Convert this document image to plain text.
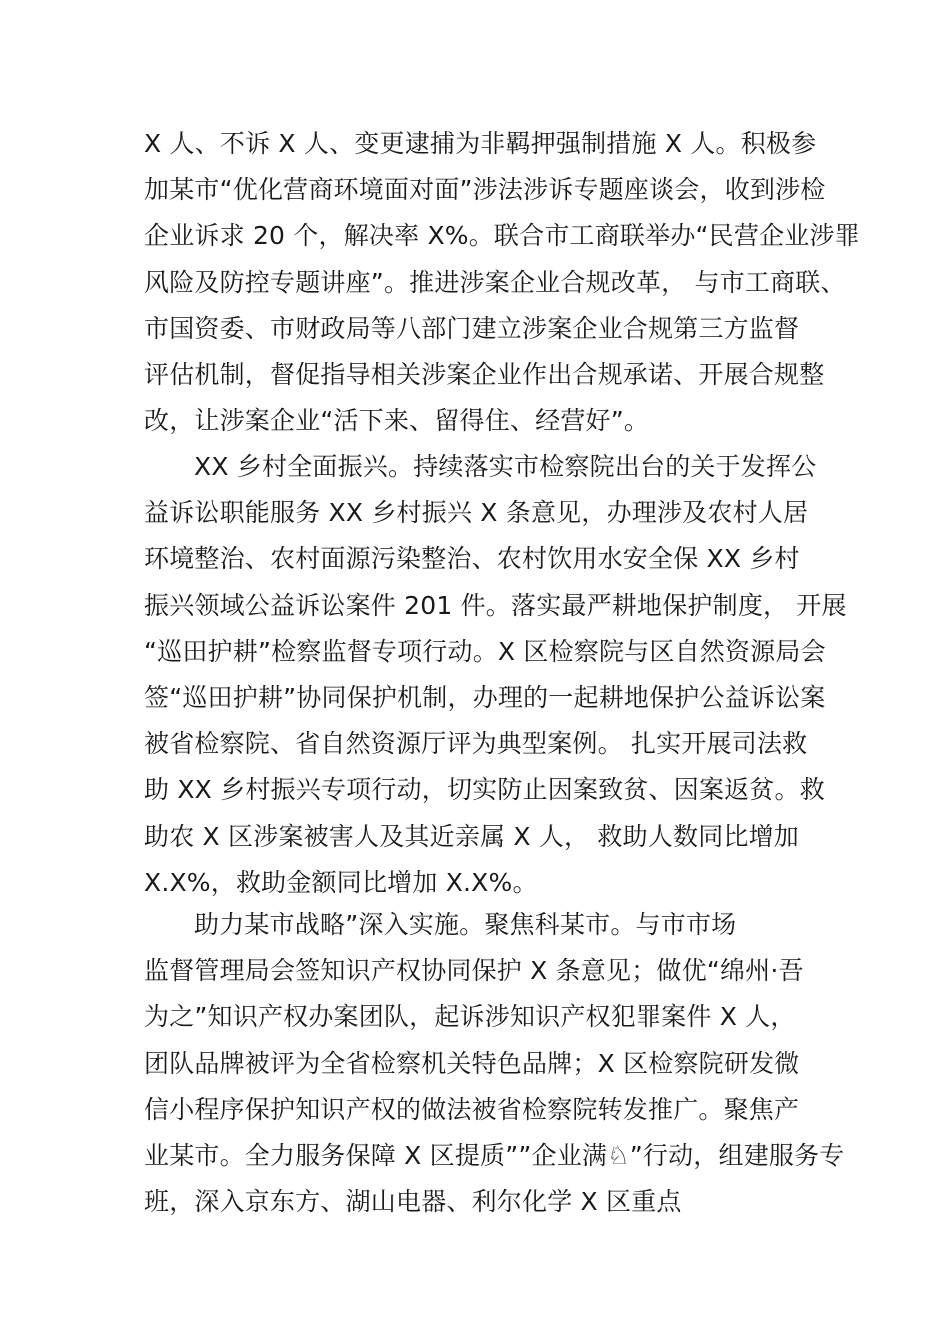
X 人、不诉 X 人、变更逮捕为非羁押强制措施 X 人。积极参
加某市“优化营商环境面对面”涉法涉诉专题座谈会，收到涉检
企业诉求 20 个，解决率 X%。联合市工商联举办“民营企业涉罪
风险及防控专题讲座”。推进涉案企业合规改革， 与市工商联、
市国资委、市财政局等八部门建立涉案企业合规第三方监督
评估机制，督促指导相关涉案企业作出合规承诺、开展合规整
改，让涉案企业“活下来、留得住、经营好”。
XX 乡村全面振兴。持续落实市检察院出台的关于发挥公
益诉讼职能服务 XX 乡村振兴 X 条意见，办理涉及农村人居
环境整治、农村面源污染整治、农村饮用水安全保 XX 乡村
振兴领域公益诉讼案件 201 件。落实最严耕地保护制度， 开展
“巡田护耕”检察监督专项行动。X 区检察院与区自然资源局会
签“巡田护耕”协同保护机制，办理的一起耕地保护公益诉讼案
被省检察院、省自然资源厅评为典型案例。 扎实开展司法救
助 XX 乡村振兴专项行动，切实防止因案致贫、因案返贫。救
助农 X 区涉案被害人及其近亲属 X 人， 救助人数同比增加
X.X%，救助金额同比增加 X.X%。
助力某市战略”深入实施。聚焦科某市。与市市场
监督管理局会签知识产权协同保护 X 条意见；做优“绵州·吾
为之”知识产权办案团队，起诉涉知识产权犯罪案件 X 人，
团队品牌被评为全省检察机关特色品牌；X 区检察院研发微
信小程序保护知识产权的做法被省检察院转发推广。聚焦产
业某市。全力服务保障 X 区提质””企业满♘”行动，组建服务专
班，深入京东方、湖山电器、利尔化学 X 区重点
